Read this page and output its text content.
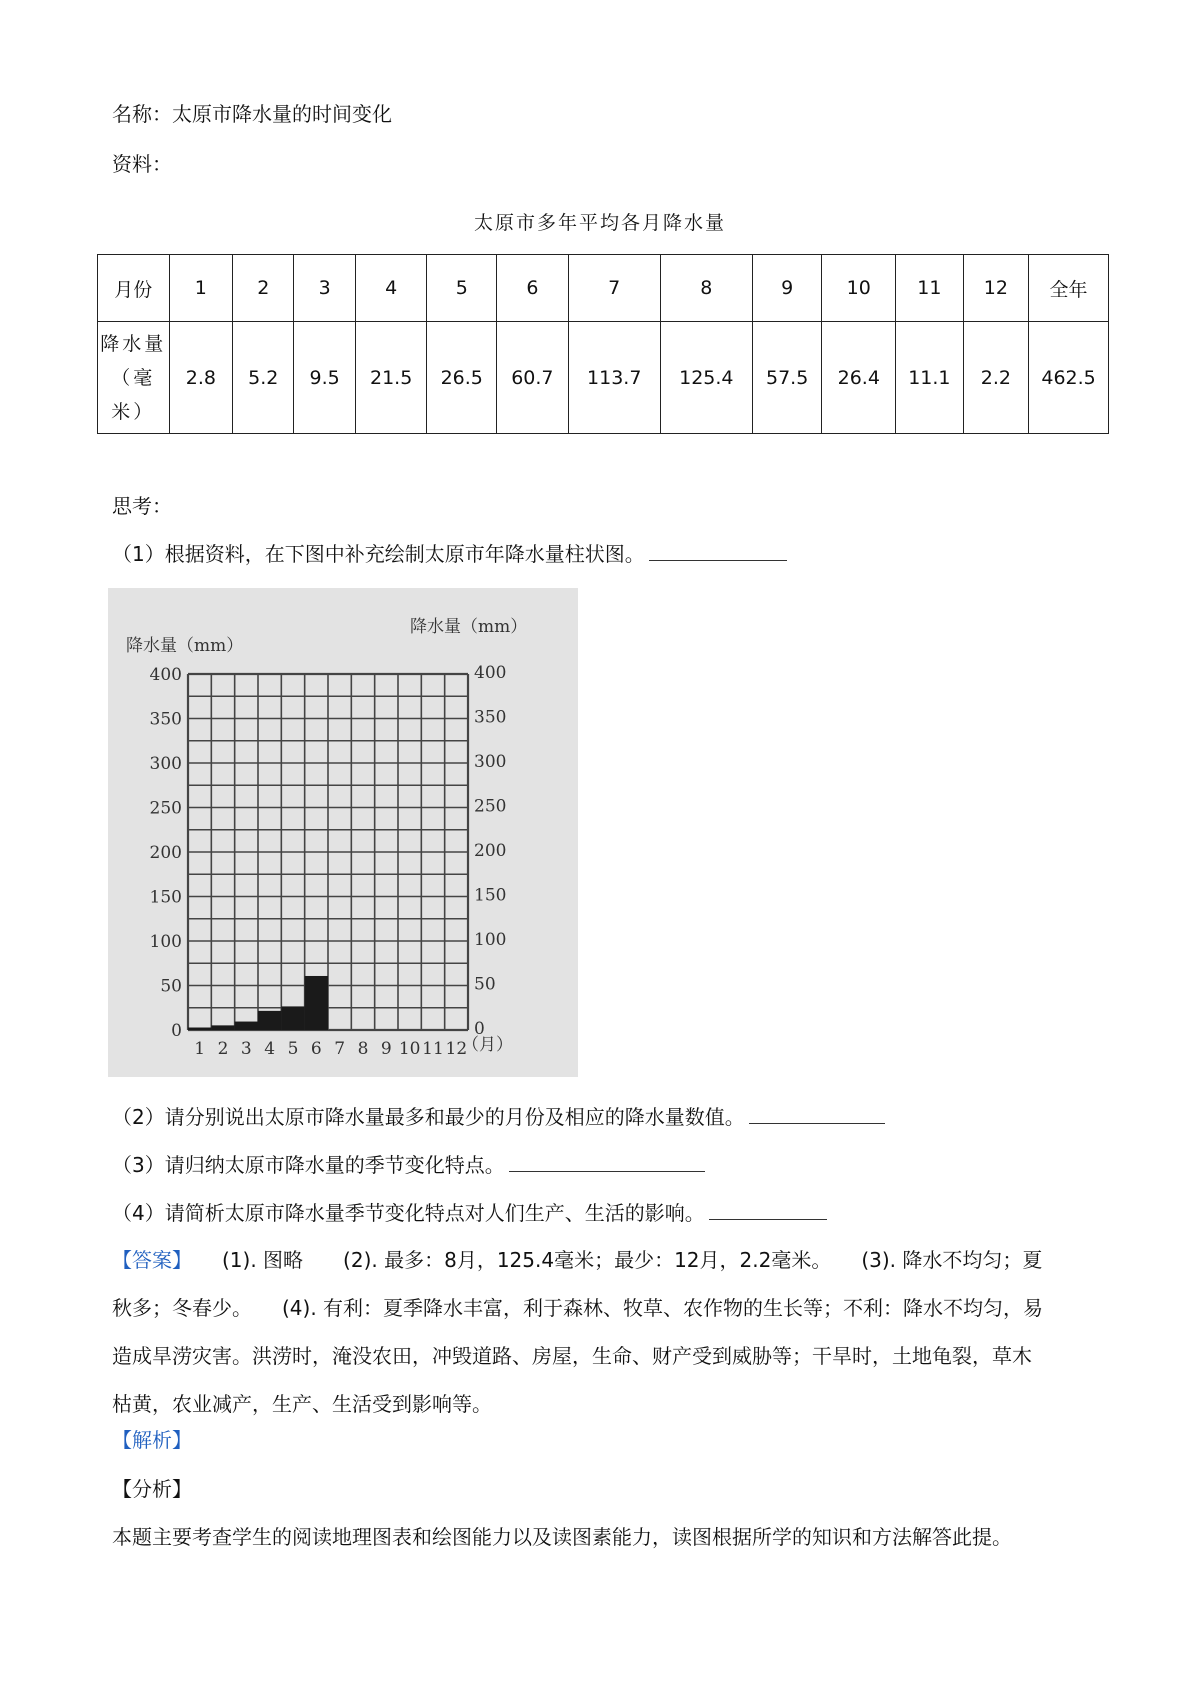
名称：太原市降水量的时间变化
资料：
太原市多年平均各月降水量
月份	1	2	3	4	5	6	7	8	9	10	11	12	全年

降水量
（毫米）	2.8	5.2	9.5	21.5	26.5	60.7	113.7	125.4	57.5	26.4	11.1	2.2	462.5
思考：
（1）根据资料，在下图中补充绘制太原市年降水量柱状图。
0	0
50	50
100	100
150	150
200	200
250	250
300	300
350	350
400	400
1 2 3 4 5 6 7 8 9 10 11 12
降水量（mm）
降水量（mm）
（月）
（2）请分别说出太原市降水量最多和最少的月份及相应的降水量数值。
（3）请归纳太原市降水量的季节变化特点。
（4）请简析太原市降水量季节变化特点对人们生产、生活的影响。
【答案】　　(1). 图略　　(2). 最多：8月，125.4毫米；最少：12月，2.2毫米。　　(3). 降水不均匀；夏
秋多；冬春少。　　(4). 有利：夏季降水丰富，利于森林、牧草、农作物的生长等；不利：降水不均匀，易
造成旱涝灾害。洪涝时，淹没农田，冲毁道路、房屋，生命、财产受到威胁等；干旱时，土地龟裂，草木
枯黄，农业减产，生产、生活受到影响等。
【解析】
【分析】
本题主要考查学生的阅读地理图表和绘图能力以及读图素能力，读图根据所学的知识和方法解答此提。
